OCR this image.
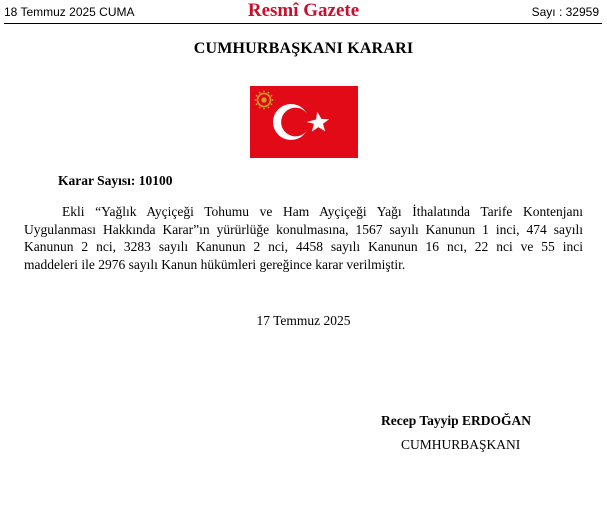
18 Temmuz 2025 CUMA	Resmî Gazete	Sayı : 32959
CUMHURBAŞKANI KARARI
Karar Sayısı: 10100
Ekli “Yağlık Ayçiçeği Tohumu ve Ham Ayçiçeği Yağı İthalatında Tarife Kontenjanı
Uygulanması Hakkında Karar”ın yürürlüğe konulmasına, 1567 sayılı Kanunun 1 inci, 474 sayılı
Kanunun 2 nci, 3283 sayılı Kanunun 2 nci, 4458 sayılı Kanunun 16 ncı, 22 nci ve 55 inci
maddeleri ile 2976 sayılı Kanun hükümleri gereğince karar verilmiştir.
17 Temmuz 2025
Recep Tayyip ERDOĞAN
CUMHURBAŞKANI
